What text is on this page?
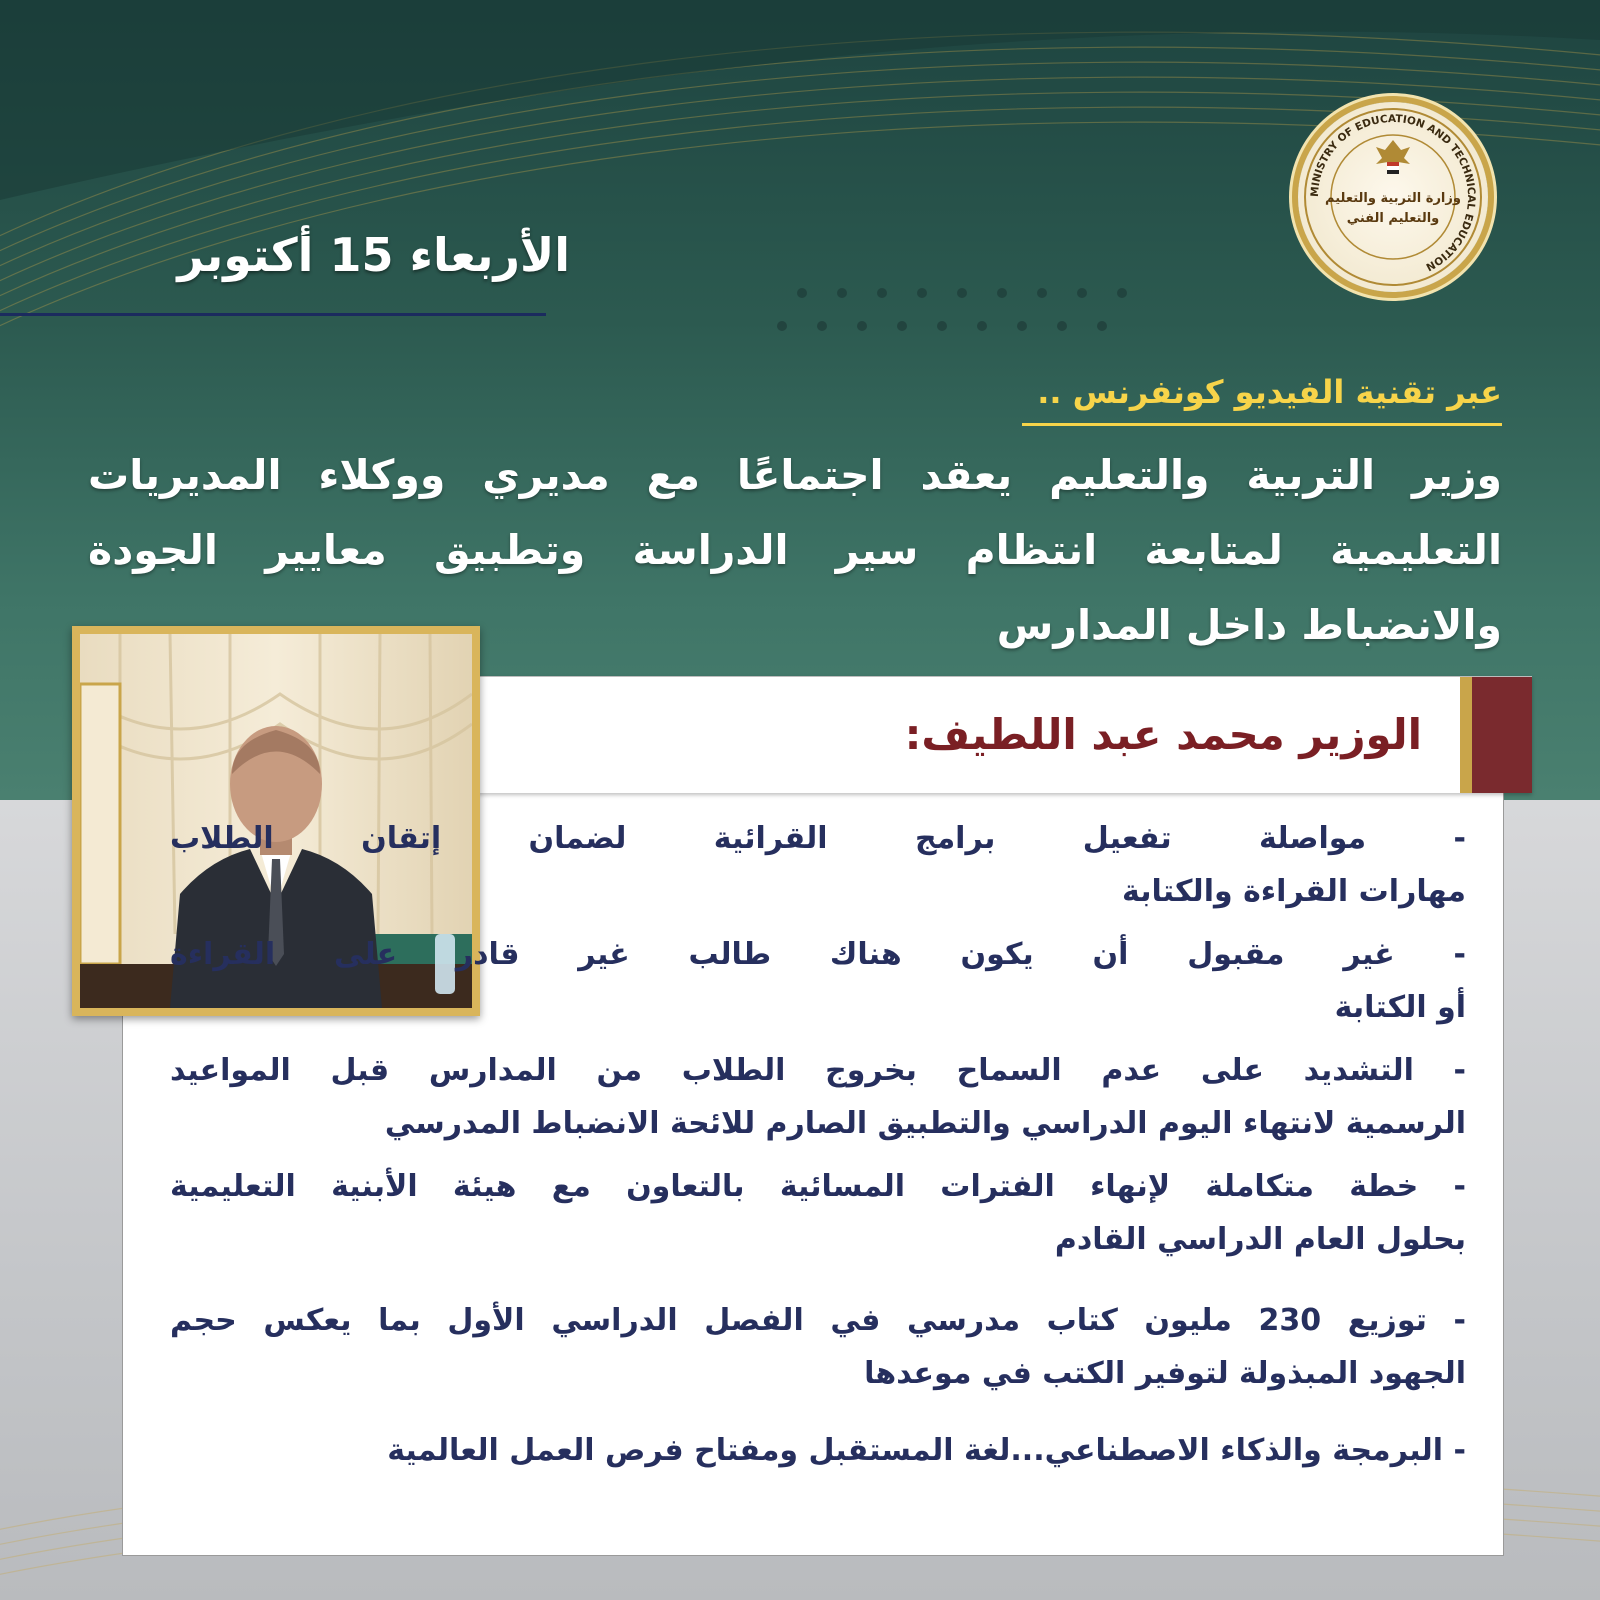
MINISTRY OF EDUCATION AND TECHNICAL EDUCATION
وزارة التربية والتعليم
والتعليم الفني
الأربعاء 15 أكتوبر
عبر تقنية الفيديو كونفرنس ..
وزير التربية والتعليم يعقد اجتماعًا مع مديري ووكلاء المديريات
التعليمية لمتابعة انتظام سير الدراسة وتطبيق معايير الجودة
والانضباط داخل المدارس
الوزير محمد عبد اللطيف:
- مواصلة تفعيل برامج القرائية لضمان إتقان الطلاب
مهارات القراءة والكتابة
- غير مقبول أن يكون هناك طالب غير قادر على القراءة
أو الكتابة
- التشديد على عدم السماح بخروج الطلاب من المدارس قبل المواعيد
الرسمية لانتهاء اليوم الدراسي والتطبيق الصارم للائحة الانضباط المدرسي
- خطة متكاملة لإنهاء الفترات المسائية بالتعاون مع هيئة الأبنية التعليمية
بحلول العام الدراسي القادم
- توزيع 230 مليون كتاب مدرسي في الفصل الدراسي الأول بما يعكس حجم
الجهود المبذولة لتوفير الكتب في موعدها
- البرمجة والذكاء الاصطناعي...لغة المستقبل ومفتاح فرص العمل العالمية
